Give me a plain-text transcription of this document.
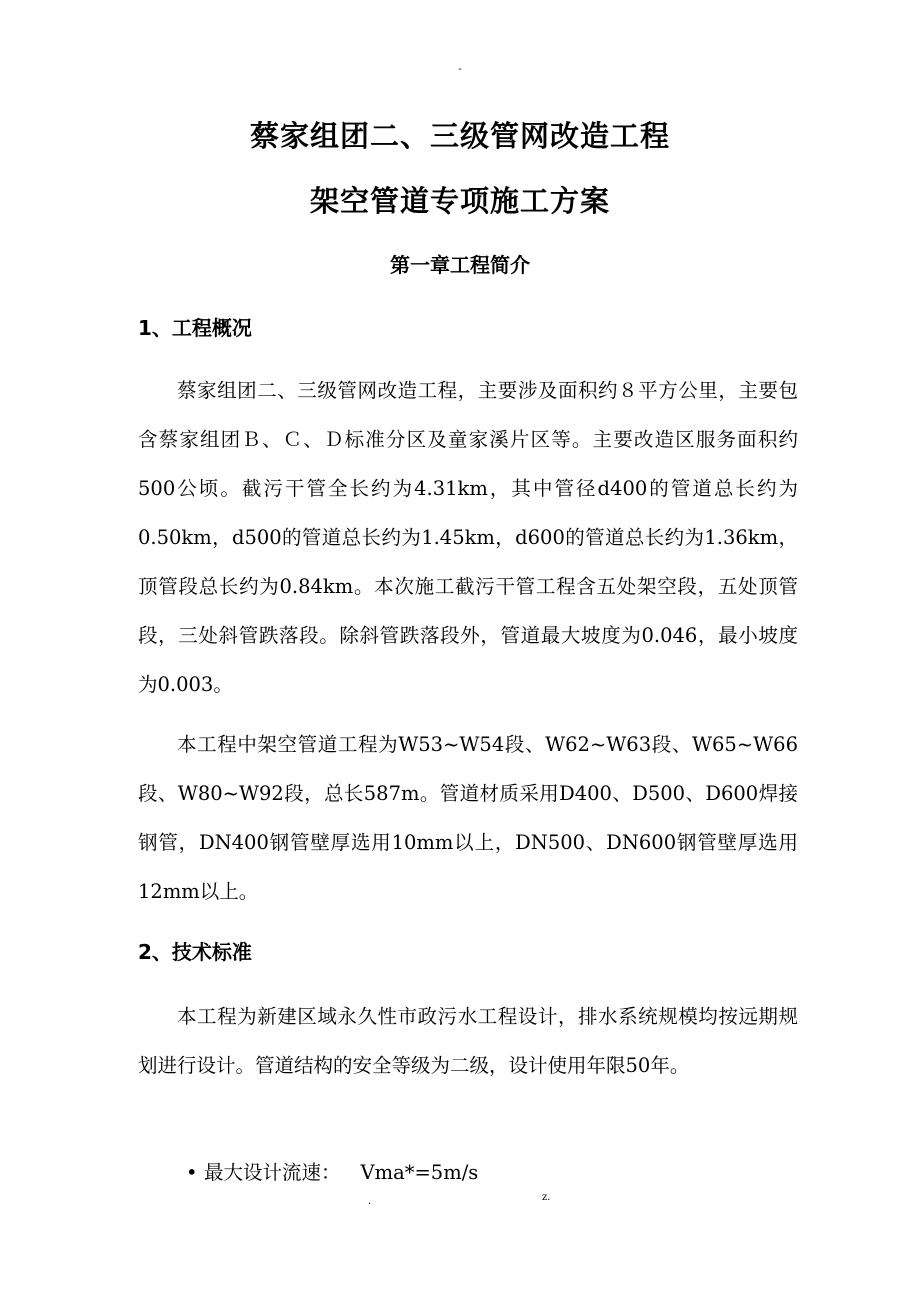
-
蔡家组团二、三级管网改造工程
架空管道专项施工方案
第一章工程简介
1、工程概况

蔡家组团二、三级管网改造工程，主要涉及面积约８平方公里，主要包含蔡家组团Ｂ、Ｃ、Ｄ标准分区及童家溪片区等。主要改造区服务面积约500公顷。截污干管全长约为4.31km，其中管径d400的管道总长约为0.50km，d500的管道总长约为1.45km，d600的管道总长约为1.36km，顶管段总长约为0.84km。本次施工截污干管工程含五处架空段，五处顶管段，三处斜管跌落段。除斜管跌落段外，管道最大坡度为0.046，最小坡度为0.003。

本工程中架空管道工程为W53~W54段、W62~W63段、W65~W66段、W80~W92段，总长587m。管道材质采用D400、D500、D600焊接钢管，DN400钢管壁厚选用10mm以上，DN500、DN600钢管壁厚选用12mm以上。

2、技术标准

本工程为新建区域永久性市政污水工程设计，排水系统规模均按远期规划进行设计。管道结构的安全等级为二级，设计使用年限50年。

• 最大设计流速： Vma*=5m/s
.	z.
